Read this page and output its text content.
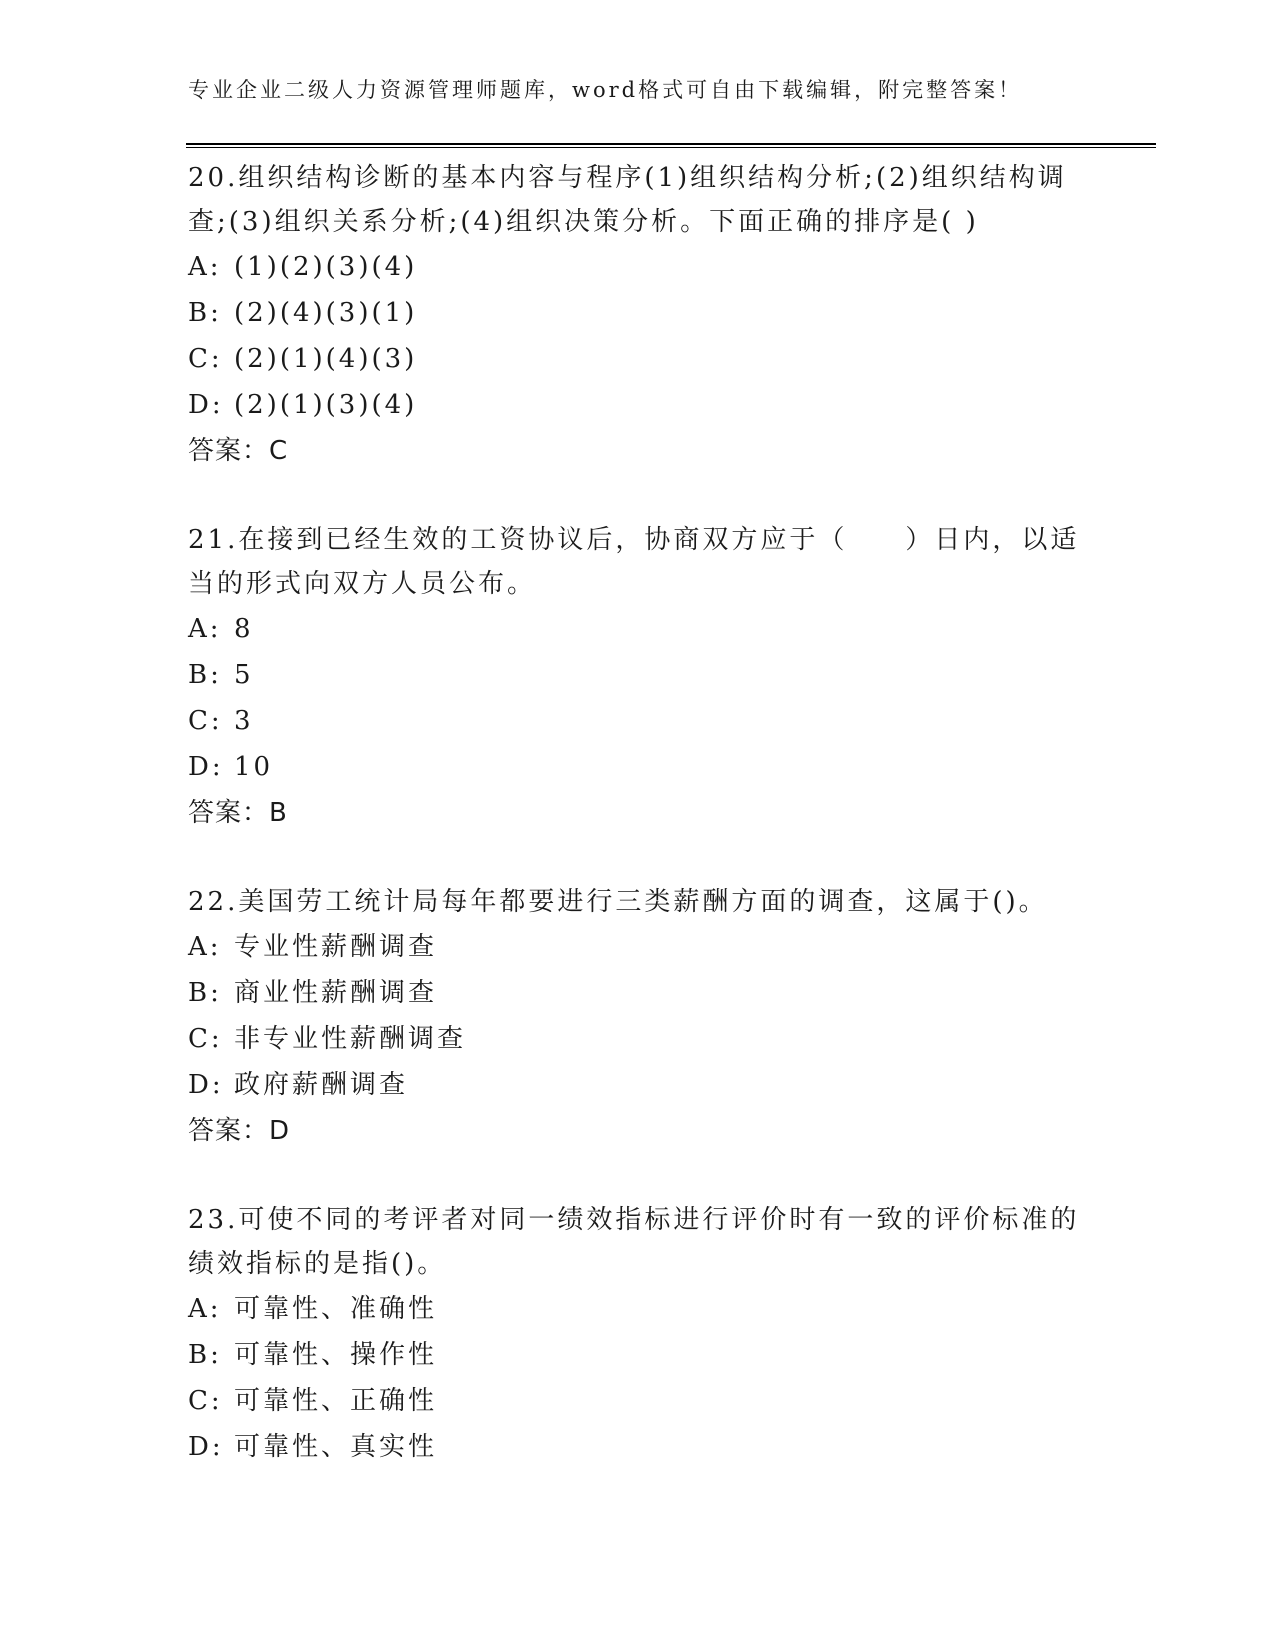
专业企业二级人力资源管理师题库，word格式可自由下载编辑，附完整答案！

20.组织结构诊断的基本内容与程序(1)组织结构分析;(2)组织结构调查;(3)组织关系分析;(4)组织决策分析。下面正确的排序是( )

A: (1)(2)(3)(4)

B: (2)(4)(3)(1)

C: (2)(1)(4)(3)

D: (2)(1)(3)(4)

答案：C

21.在接到已经生效的工资协议后，协商双方应于（　　）日内，以适当的形式向双方人员公布。

A: 8

B: 5

C: 3

D: 10

答案：B

22.美国劳工统计局每年都要进行三类薪酬方面的调查，这属于()。

A: 专业性薪酬调查

B: 商业性薪酬调查

C: 非专业性薪酬调查

D: 政府薪酬调查

答案：D

23.可使不同的考评者对同一绩效指标进行评价时有一致的评价标准的绩效指标的是指()。

A: 可靠性、准确性

B: 可靠性、操作性

C: 可靠性、正确性

D: 可靠性、真实性
